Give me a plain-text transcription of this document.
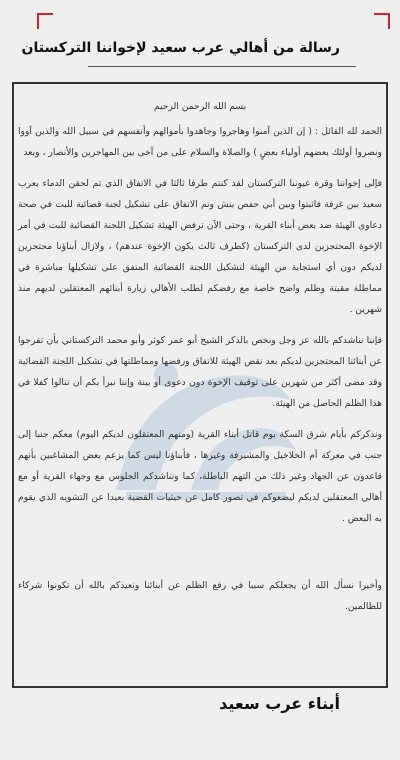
رسالة من أهالي عرب سعيد لإخواننا التركستان

بسم الله الرحمن الرحيم

الحمد لله القائل : ( إن الذين آمنوا وهاجروا وجاهدوا بأموالهم وأنفسهم في سبيل الله والذين آووا ونصروا أولئك بعضهم أولياء بعضٍ ) والصلاة والسلام على من آخى بين المهاجرين والأنصار ، وبعد

فإلى إخواننا وقرة عيوننا التركستان لقد كنتم طرفا ثالثا في الاتفاق الذي تم لحقن الدماء بعرب سعيد بين غرفة فاثبتوا وبين أبي حفص بنش وتم الاتفاق على تشكيل لجنة قضائية للبت في صحة دعاوى الهيئة ضد بعض أبناء القرية ، وحتى الآن ترفض الهيئة تشكيل اللجنة القضائية للبت في أمر الإخوة المحتجزين لدى التركستان (كطرف ثالث يكون الإخوة عندهم) ، ولازال أبناؤنا محتجزين لديكم دون أي استجابة من الهيئة لتشكيل اللجنة القضائية المتفق على تشكيلها مباشرة في مماطلة مقيتة وظلم واضح خاصة مع رفضكم لطلب الأهالي زيارة أبنائهم المعتقلين لديهم منذ شهرين .

فإننا نناشدكم بالله عز وجل ونخص بالذكر الشيخ أبو عمر كوثر وأبو محمد التركستاني بأن تفرجوا عن أبنائنا المحتجزين لديكم بعد نقض الهيئة للاتفاق ورفضها ومماطلتها في تشكيل اللجنة القضائية وقد مضى أكثر من شهرين على توقيف الإخوة دون دعوى أو بينة وإننا نبرأ بكم أن تنالوا كفلا في هذا الظلم الحاصل من الهيئة.

ونذكركم بأيام شرق السكة يوم قاتل أبناء القرية (ومنهم المعتقلون لديكم اليوم) معكم جنبا إلى جنب في معركة أم الخلاخيل والمشيرفة وغيرها ، فأبناؤنا ليس كما يزعم بعض المشاغبين بأنهم قاعدون عن الجهاد وغير ذلك من التهم الباطلة، كما ونناشدكم الجلوس مع وجهاء القرية أو مع أهالي المعتقلين لديكم ليضعوكم في تصور كامل عن حيثيات القضية بعيدا عن التشويه الذي يقوم به البعض .

وأخيرا نسأل الله أن يجعلكم سببا في رفع الظلم عن أبنائنا ونعيذكم بالله أن تكونوا شركاء للظالمين.

أبناء عرب سعيد
